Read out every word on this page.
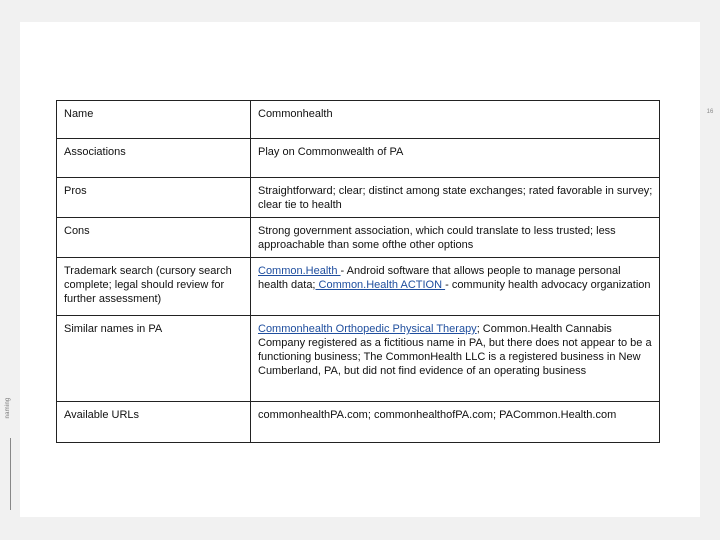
naming
16
Name	Commonhealth
Associations	Play on Commonwealth of PA
Pros	Straightforward; clear; distinct among state exchanges; rated favorable in survey; clear tie to health
Cons	Strong government association, which could translate to less trusted; less approachable than some ofthe other options
Trademark search (cursory search complete; legal should review for further assessment)	Common.Health - Android software that allows people to manage personal health data; Common.Health ACTION - community health advocacy organization
Similar names in PA	Commonhealth Orthopedic Physical Therapy; Common.Health Cannabis Company registered as a fictitious name in PA, but there does not appear to be a functioning business; The CommonHealth LLC is a registered business in New Cumberland, PA, but did not find evidence of an operating business
Available URLs	commonhealthPA.com; commonhealthofPA.com; PACommon.Health.com
